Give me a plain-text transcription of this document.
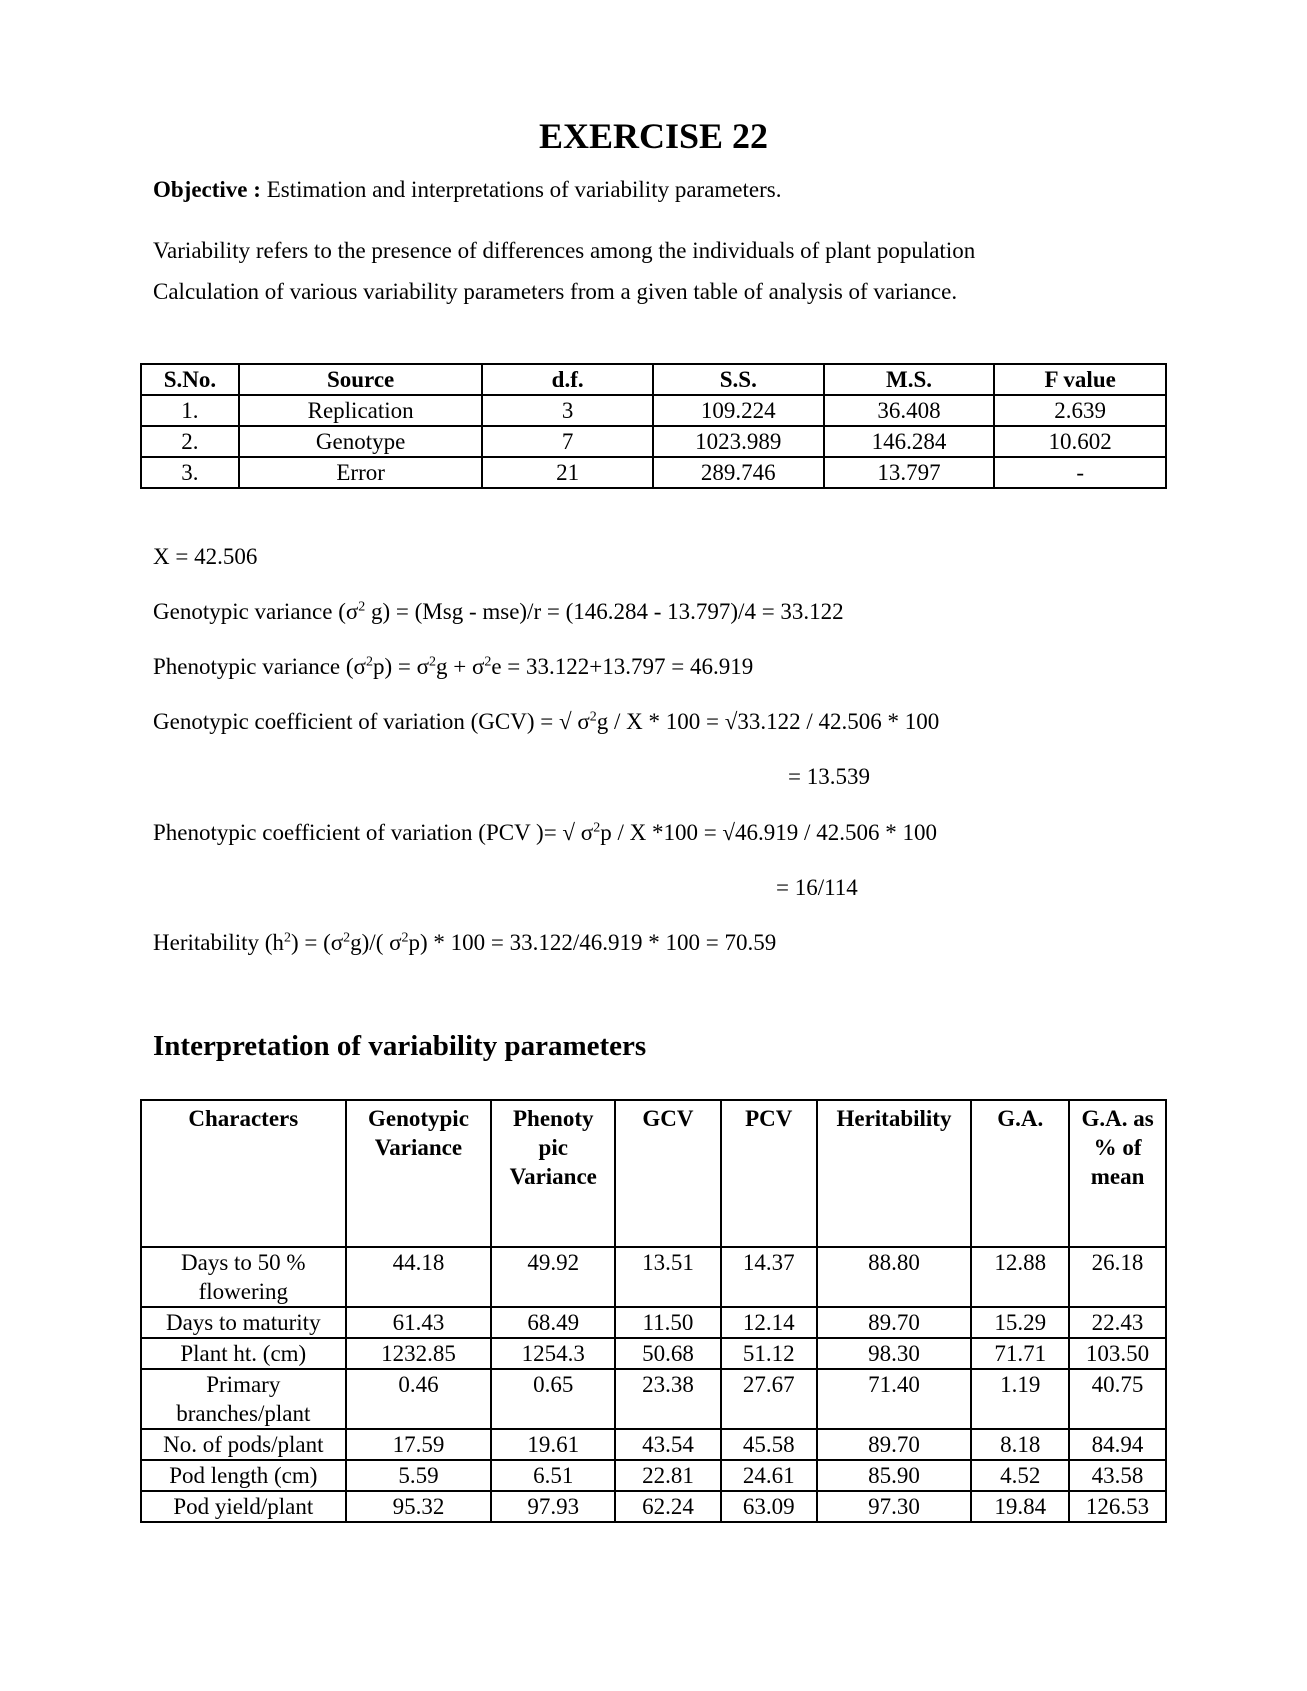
EXERCISE 22
Objective : Estimation and interpretations of variability parameters.
Variability refers to the presence of differences among the individuals of plant population
Calculation of various variability parameters from a given table of analysis of variance.
S.No.	Source	d.f.	S.S.	M.S.	F value
1.	Replication	3	109.224	36.408	2.639
2.	Genotype	7	1023.989	146.284	10.602
3.	Error	21	289.746	13.797	-
X = 42.506
Genotypic variance ($\sigma^2$ g) = (Msg - mse)/r = (146.284 - 13.797)/4 = 33.122
Phenotypic variance $(\sigma^2p) = \sigma^2g + \sigma^2e = 33.122+13.797 = 46.919$
Genotypic coefficient of variation (GCV) = √ $\sigma^2g / X * 100 = √33.122 / 42.506 * 100$
= 13.539
Phenotypic coefficient of variation (PCV )= √ $\sigma^2p$ / X *100 = √46.919 / 42.506 * 100
= 16/114
Heritability $(h^2) = (\sigma^2g)/$( $\sigma^2p) * 100 = 33.122/46.919 * 100 = 70.59$
Interpretation of variability parameters
Characters	Genotypic Variance	Phenoty pic Variance	GCV	PCV	Heritability	G.A.	G.A. as % of mean
Days to 50 % flowering	44.18	49.92	13.51	14.37	88.80	12.88	26.18
Days to maturity	61.43	68.49	11.50	12.14	89.70	15.29	22.43
Plant ht. (cm)	1232.85	1254.3	50.68	51.12	98.30	71.71	103.50
Primary branches/plant	0.46	0.65	23.38	27.67	71.40	1.19	40.75
No. of pods/plant	17.59	19.61	43.54	45.58	89.70	8.18	84.94
Pod length (cm)	5.59	6.51	22.81	24.61	85.90	4.52	43.58
Pod yield/plant	95.32	97.93	62.24	63.09	97.30	19.84	126.53
